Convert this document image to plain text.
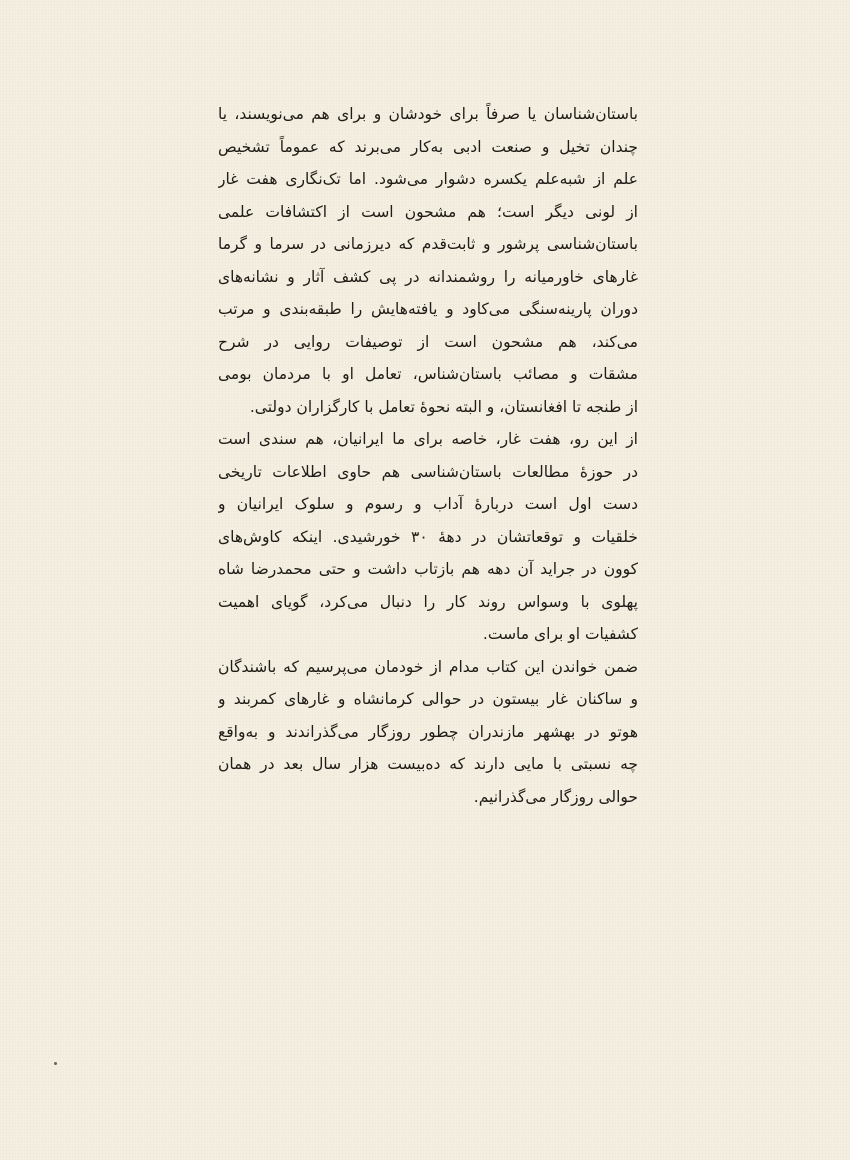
باستان‌شناسان یا صرفاً برای خودشان و برای هم می‌نویسند، یا
چندان تخیل و صنعت ادبی به‌کار می‌برند که عموماً تشخیص
علم از شبه‌علم یکسره دشوار می‌شود. اما تک‌نگاری هفت غار
از لونی دیگر است؛ هم مشحون است از اکتشافات علمی
باستان‌شناسی پرشور و ثابت‌قدم که دیرزمانی در سرما و گرما
غارهای خاورمیانه را روشمندانه در پی کشف آثار و نشانه‌های
دوران پارینه‌سنگی می‌کاود و یافته‌هایش را طبقه‌بندی و مرتب
می‌کند، هم مشحون است از توصیفات روایی در شرح
مشقات و مصائب باستان‌شناس، تعامل او با مردمان بومی
از طنجه تا افغانستان، و البته نحوهٔ تعامل با کارگزاران دولتی.
از این رو، هفت غار، خاصه برای ما ایرانیان، هم سندی است
در حوزهٔ مطالعات باستان‌شناسی هم حاوی اطلاعات تاریخی
دست اول است دربارهٔ آداب و رسوم و سلوک ایرانیان و
خلقیات و توقعاتشان در دههٔ ۳۰ خورشیدی. اینکه کاوش‌های
کوون در جراید آن دهه هم بازتاب داشت و حتی محمدرضا شاه
پهلوی با وسواس روند کار را دنبال می‌کرد، گویای اهمیت
کشفیات او برای ماست.
ضمن خواندن این کتاب مدام از خودمان می‌پرسیم که باشندگان
و ساکنان غار بیستون در حوالی کرمانشاه و غارهای کمربند و
هوتو در بهشهر مازندران چطور روزگار می‌گذراندند و به‌واقع
چه نسبتی با مایی دارند که ده‌بیست هزار سال بعد در همان
حوالی روزگار می‌گذرانیم.
